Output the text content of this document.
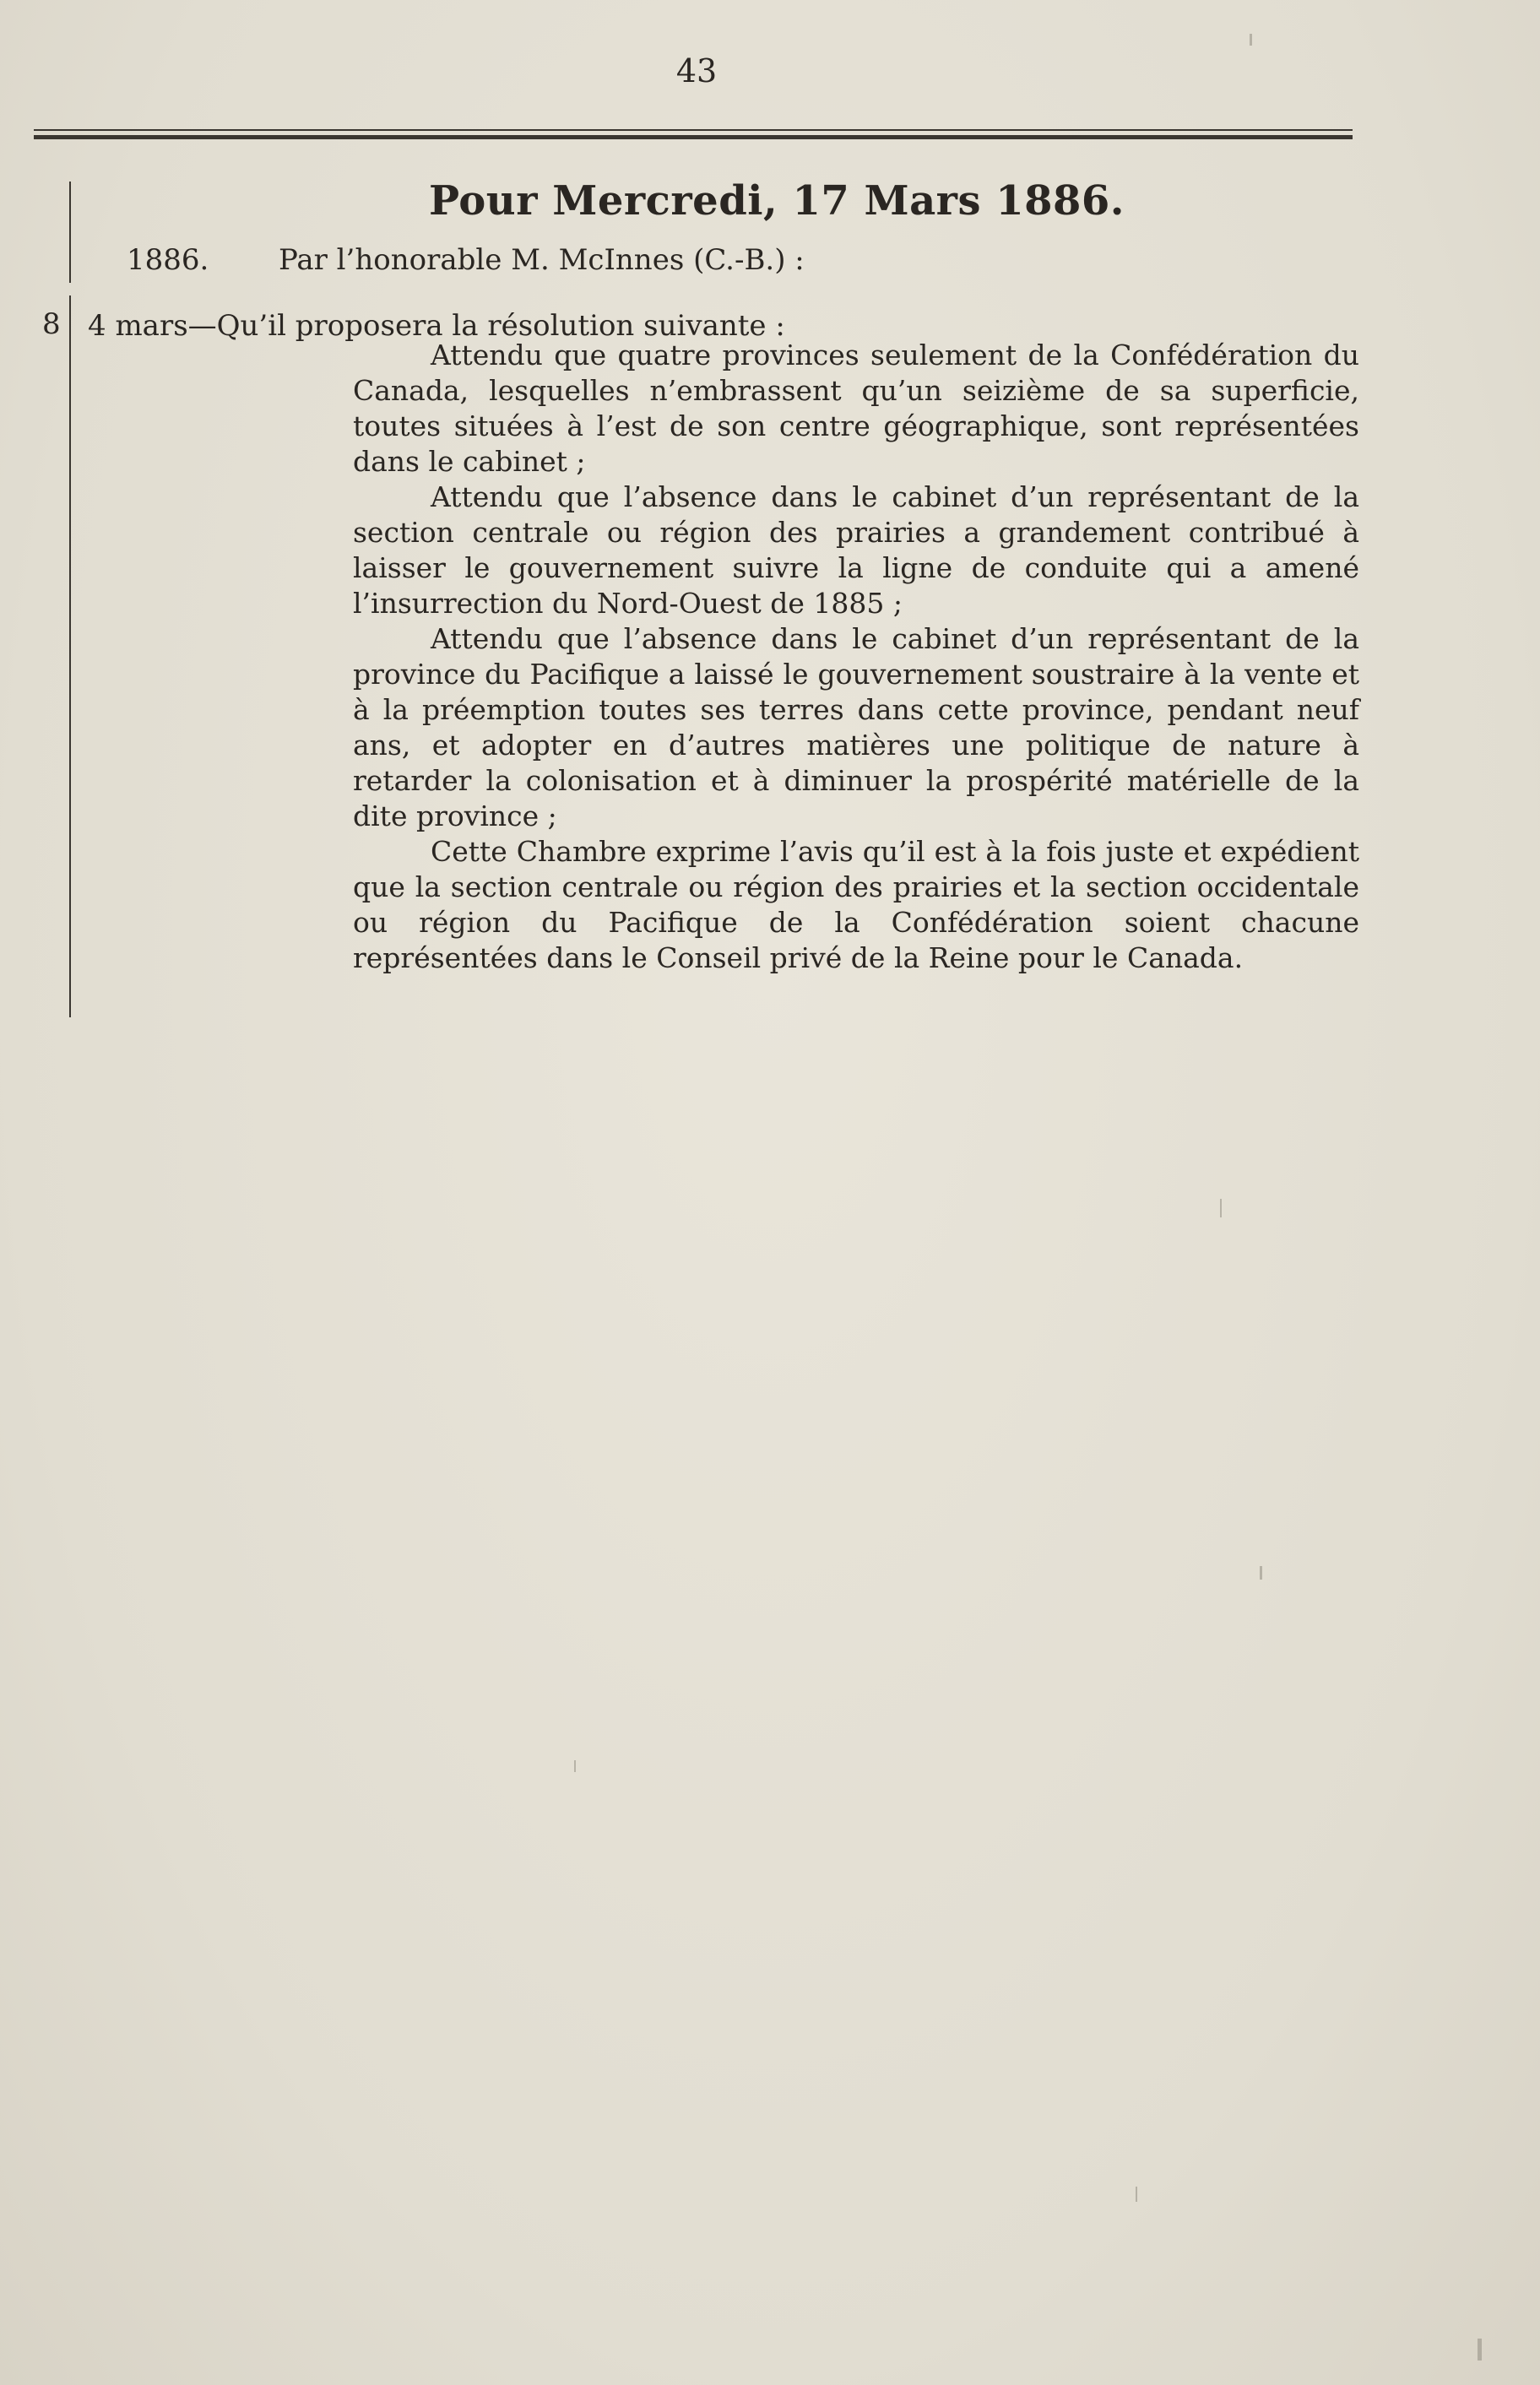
43
8
Pour Mercredi, 17 Mars 1886.
1886. Par l’honorable M. McInnes (C.-B.) :
4 mars—Qu’il proposera la résolution suivante :

Attendu que quatre provinces seulement de la Confédération du Canada, lesquelles n’embrassent qu’un seizième de sa superficie, toutes situées à l’est de son centre géographique, sont représentées dans le cabinet ;

Attendu que l’absence dans le cabinet d’un représentant de la section centrale ou région des prairies a grandement contribué à laisser le gouvernement suivre la ligne de conduite qui a amené l’insurrection du Nord-Ouest de 1885 ;

Attendu que l’absence dans le cabinet d’un représentant de la province du Pacifique a laissé le gouvernement soustraire à la vente et à la préemption toutes ses terres dans cette province, pendant neuf ans, et adopter en d’autres matières une politique de nature à retarder la colonisation et à diminuer la prospérité matérielle de la dite province ;

Cette Chambre exprime l’avis qu’il est à la fois juste et expédient que la section centrale ou région des prairies et la section occidentale ou région du Pacifique de la Confédération soient chacune représentées dans le Conseil privé de la Reine pour le Canada.
